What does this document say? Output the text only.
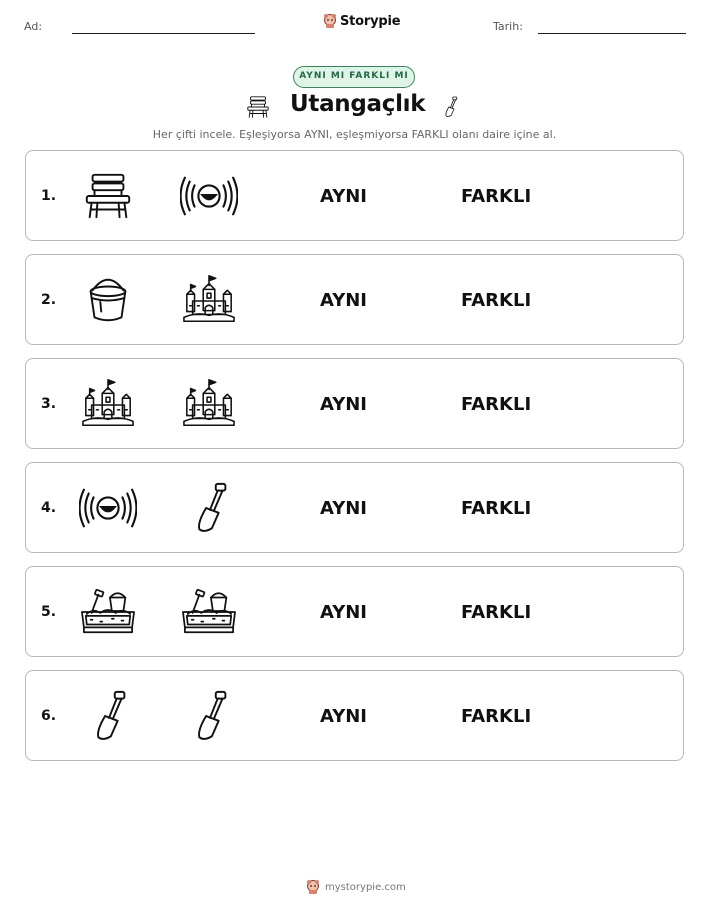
Ad:	Storypie	Tarih:
AYNI MI FARKLI MI
Utangaçlık
Her çifti incele. Eşleşiyorsa AYNI, eşleşmiyorsa FARKLI olanı daire içine al.
1.	AYNI	FARKLI
2.	AYNI	FARKLI
3.	AYNI	FARKLI
4.	AYNI	FARKLI
5.	AYNI	FARKLI
6.	AYNI	FARKLI
mystorypie.com
